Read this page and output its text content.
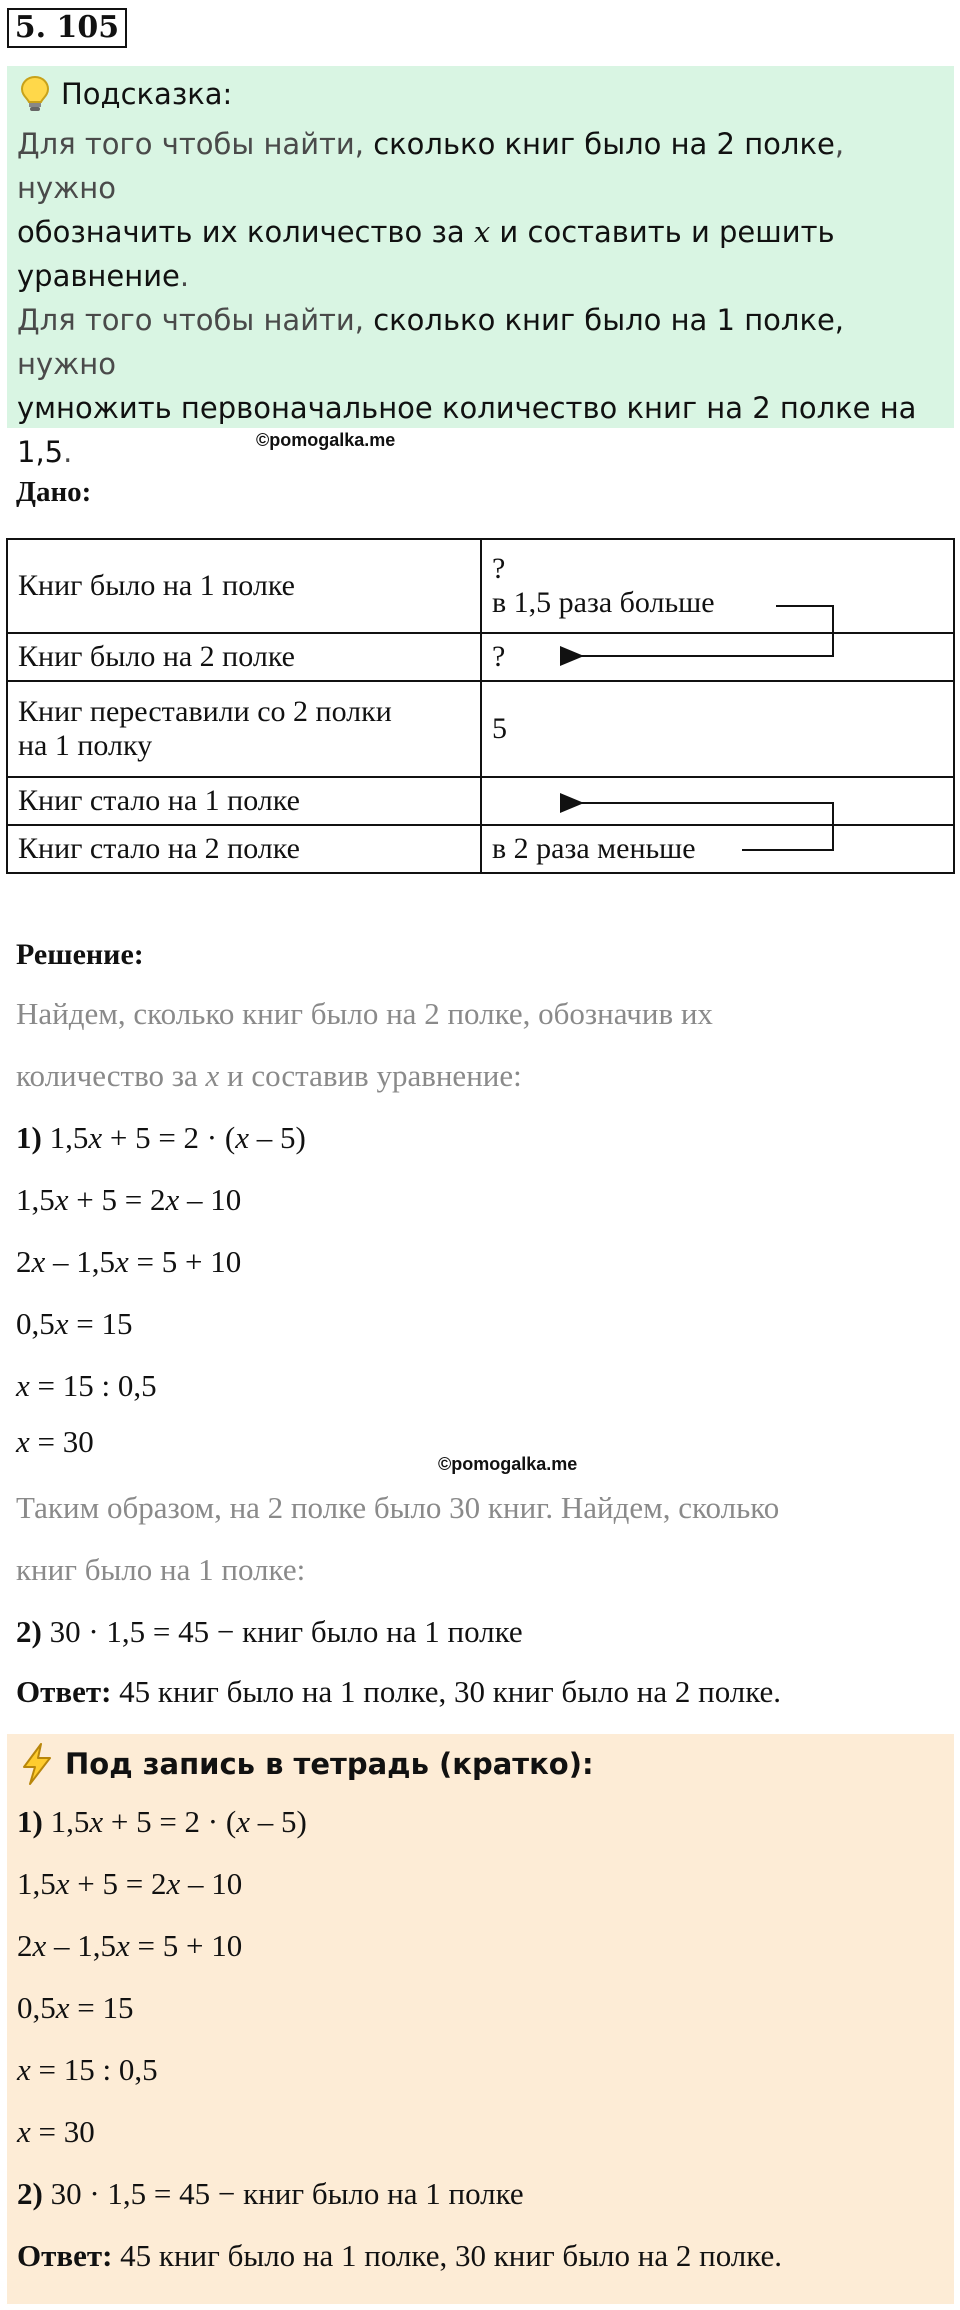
5. 105
Подсказка:
Для того чтобы найти, сколько книг было на 2 полке, нужно
обозначить их количество за x и составить и решить
уравнение.
Для того чтобы найти, сколько книг было на 1 полке, нужно
умножить первоначальное количество книг на 2 полке на
1,5.	©pomogalka.me
Дано:
Книг было на 1 полке	?
в 1,5 раза больше

Книг было на 2 полке	?

Книг переставили со 2 полки
на 1 полку	5
Книг стало на 1 полке	
Книг стало на 2 полке	в 2 раза меньше
Решение:
Найдем, сколько книг было на 2 полке, обозначив их
количество за x и составив уравнение:
1) 1,5x + 5 = 2 · (x – 5)
1,5x + 5 = 2x – 10
2x – 1,5x = 5 + 10
0,5x = 15
x = 15 : 0,5
x = 30
©pomogalka.me
Таким образом, на 2 полке было 30 книг. Найдем, сколько
книг было на 1 полке:
2) 30 · 1,5 = 45 − книг было на 1 полке
Ответ: 45 книг было на 1 полке, 30 книг было на 2 полке.
Под запись в тетрадь (кратко):
1) 1,5x + 5 = 2 · (x – 5)
1,5x + 5 = 2x – 10
2x – 1,5x = 5 + 10
0,5x = 15
x = 15 : 0,5
x = 30
2) 30 · 1,5 = 45 − книг было на 1 полке
Ответ: 45 книг было на 1 полке, 30 книг было на 2 полке.
